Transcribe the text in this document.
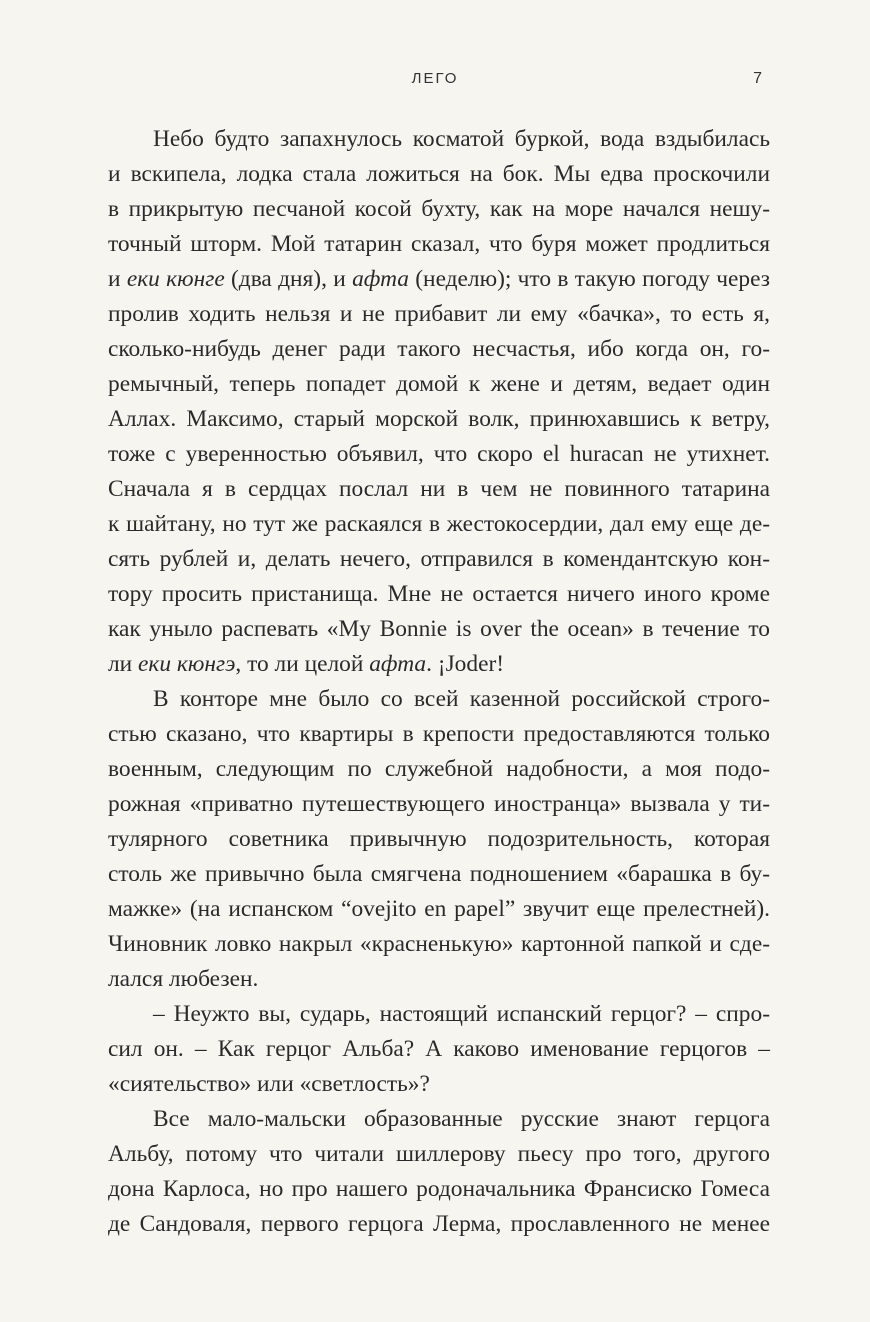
ЛЕГО	7

Небо будто запахнулось косматой буркой, вода вздыбилась
и вскипела, лодка стала ложиться на бок. Мы едва проскочили
в прикрытую песчаной косой бухту, как на море начался нешу-
точный шторм. Мой татарин сказал, что буря может продлиться
и еки кюнге (два дня), и афта (неделю); что в такую погоду через
пролив ходить нельзя и не прибавит ли ему «бачка», то есть я,
сколько-нибудь денег ради такого несчастья, ибо когда он, го-
ремычный, теперь попадет домой к жене и детям, ведает один
Аллах. Максимо, старый морской волк, принюхавшись к ветру,
тоже с уверенностью объявил, что скоро el huracan не утихнет.
Сначала я в сердцах послал ни в чем не повинного татарина
к шайтану, но тут же раскаялся в жестокосердии, дал ему еще де-
сять рублей и, делать нечего, отправился в комендантскую кон-
тору просить пристанища. Мне не остается ничего иного кроме
как уныло распевать «My Bonnie is over the ocean» в течение то
ли еки кюнгэ, то ли целой афта. ¡Joder!

В конторе мне было со всей казенной российской строго-
стью сказано, что квартиры в крепости предоставляются только
военным, следующим по служебной надобности, а моя подо-
рожная «приватно путешествующего иностранца» вызвала у ти-
тулярного советника привычную подозрительность, которая
столь же привычно была смягчена подношением «барашка в бу-
мажке» (на испанском “ovejito en papel” звучит еще прелестней).
Чиновник ловко накрыл «красненькую» картонной папкой и сде-
лался любезен.

– Неужто вы, сударь, настоящий испанский герцог? – спро-
сил он. – Как герцог Альба? А каково именование герцогов –
«сиятельство» или «светлость»?

Все мало-мальски образованные русские знают герцога
Альбу, потому что читали шиллерову пьесу про того, другого
дона Карлоса, но про нашего родоначальника Франсиско Гомеса
де Сандоваля, первого герцога Лерма, прославленного не менее
